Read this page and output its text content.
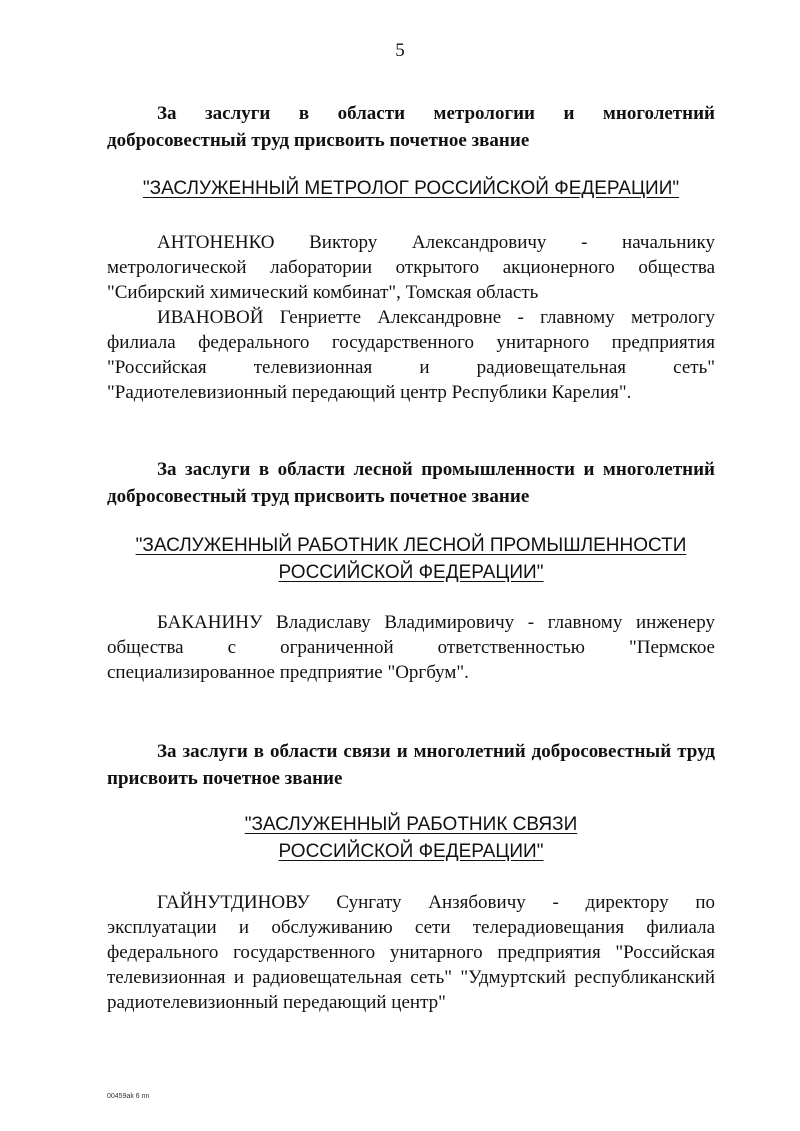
5

За заслуги в области метрологии и многолетний добросовестный труд присвоить почетное звание

"ЗАСЛУЖЕННЫЙ МЕТРОЛОГ РОССИЙСКОЙ ФЕДЕРАЦИИ"

АНТОНЕНКО Виктору Александровичу - начальнику метрологической лаборатории открытого акционерного общества "Сибирский химический комбинат", Томская область

ИВАНОВОЙ Генриетте Александровне - главному метрологу филиала федерального государственного унитарного предприятия "Российская телевизионная и радиовещательная сеть" "Радиотелевизионный передающий центр Республики Карелия".

За заслуги в области лесной промышленности и многолетний добросовестный труд присвоить почетное звание

"ЗАСЛУЖЕННЫЙ РАБОТНИК ЛЕСНОЙ ПРОМЫШЛЕННОСТИ

РОССИЙСКОЙ ФЕДЕРАЦИИ"

БАКАНИНУ Владиславу Владимировичу - главному инженеру общества с ограниченной ответственностью "Пермское специализированное предприятие "Оргбум".

За заслуги в области связи и многолетний добросовестный труд присвоить почетное звание

"ЗАСЛУЖЕННЫЙ РАБОТНИК СВЯЗИ

РОССИЙСКОЙ ФЕДЕРАЦИИ"

ГАЙНУТДИНОВУ Сунгату Анзябовичу - директору по эксплуатации и обслуживанию сети телерадиовещания филиала федерального государственного унитарного предприятия "Российская телевизионная и радиовещательная сеть" "Удмуртский республиканский радиотелевизионный передающий центр"

00459ak 6 nn
